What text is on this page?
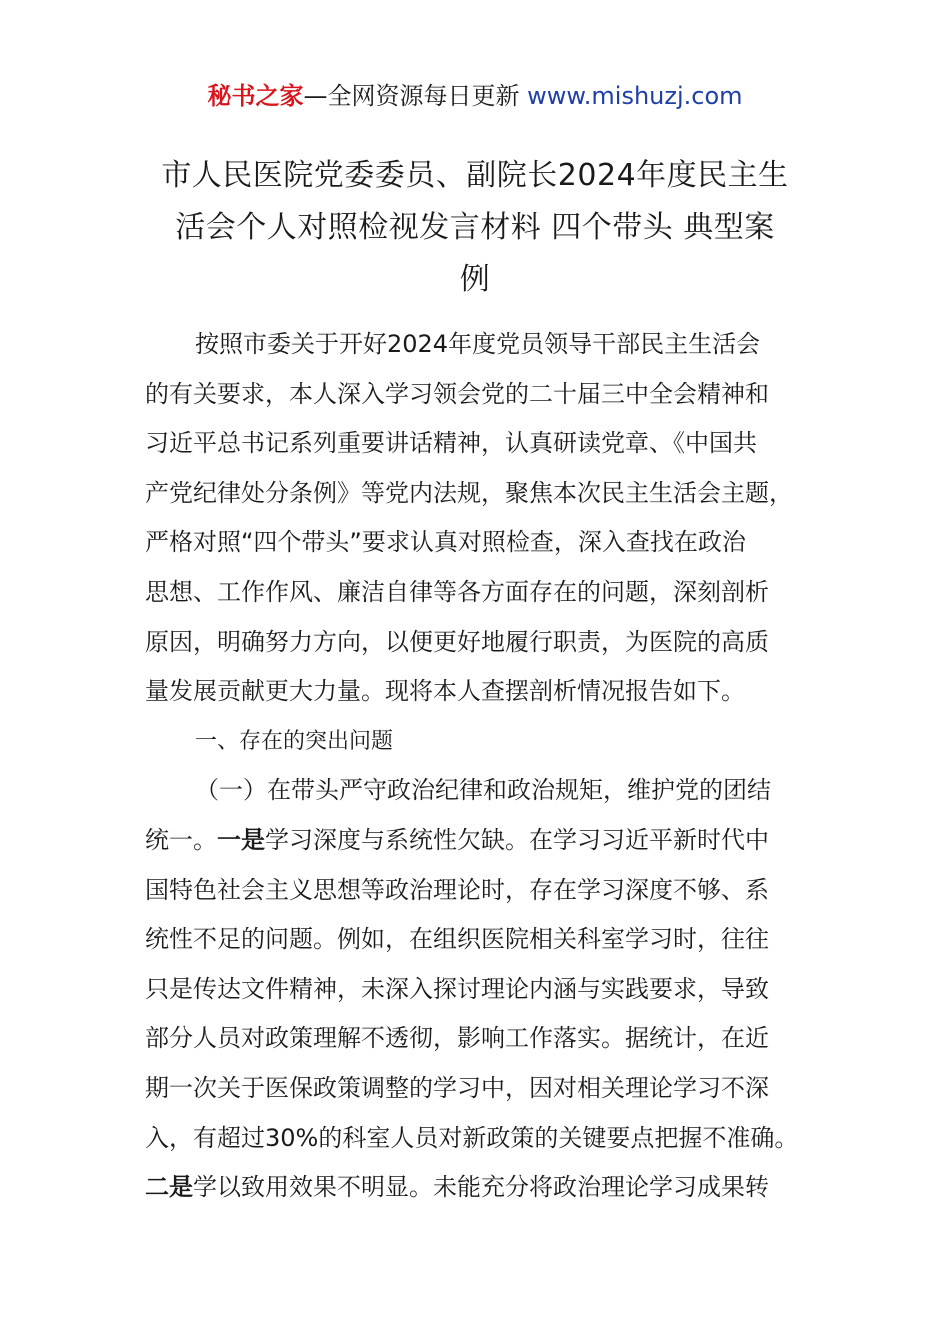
秘书之家—全网资源每日更新 www.mishuzj.com
市人民医院党委委员、副院长2024年度民主生
活会个人对照检视发言材料 四个带头 典型案
例
按照市委关于开好2024年度党员领导干部民主生活会
的有关要求，本人深入学习领会党的二十届三中全会精神和
习近平总书记系列重要讲话精神，认真研读党章、《中国共
产党纪律处分条例》等党内法规，聚焦本次民主生活会主题，
严格对照“四个带头”要求认真对照检查，深入查找在政治
思想、工作作风、廉洁自律等各方面存在的问题，深刻剖析
原因，明确努力方向，以便更好地履行职责，为医院的高质
量发展贡献更大力量。现将本人查摆剖析情况报告如下。
一、存在的突出问题
（一）在带头严守政治纪律和政治规矩，维护党的团结
统一。一是学习深度与系统性欠缺。在学习习近平新时代中
国特色社会主义思想等政治理论时，存在学习深度不够、系
统性不足的问题。例如，在组织医院相关科室学习时，往往
只是传达文件精神，未深入探讨理论内涵与实践要求，导致
部分人员对政策理解不透彻，影响工作落实。据统计，在近
期一次关于医保政策调整的学习中，因对相关理论学习不深
入，有超过30%的科室人员对新政策的关键要点把握不准确。
二是学以致用效果不明显。未能充分将政治理论学习成果转
